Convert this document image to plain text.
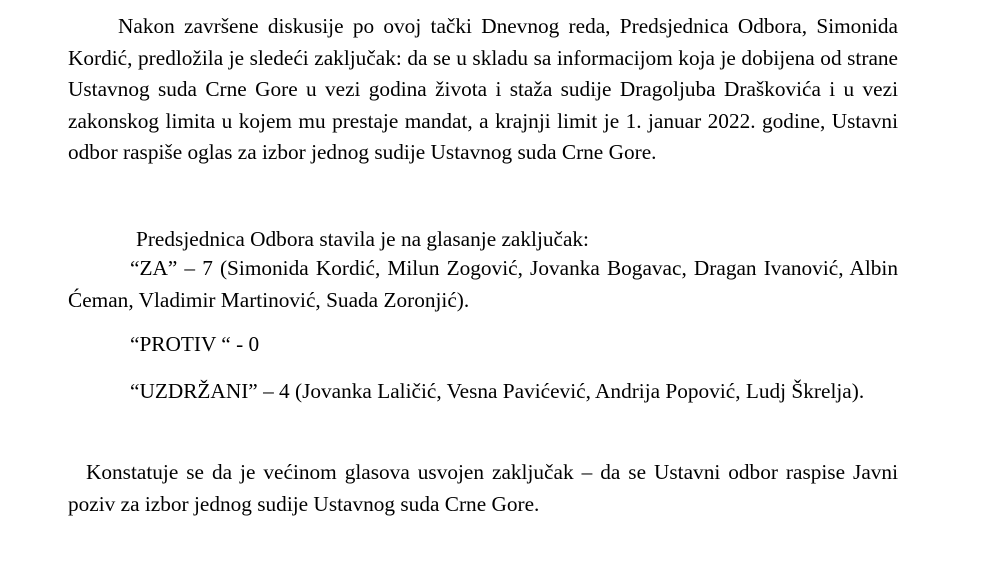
Nakon završene diskusije po ovoj tački Dnevnog reda, Predsjednica Odbora, Simonida Kordić, predložila je sledeći zaključak: da se u skladu sa informacijom koja je dobijena od strane Ustavnog suda Crne Gore u vezi godina života i staža sudije Dragoljuba Draškovića i u vezi zakonskog limita u kojem mu prestaje mandat, a krajnji limit je 1. januar 2022. godine, Ustavni odbor raspiše oglas za izbor jednog sudije Ustavnog suda Crne Gore.

Predsjednica Odbora stavila je na glasanje zaključak:

“ZA” – 7 (Simonida Kordić, Milun Zogović, Jovanka Bogavac, Dragan Ivanović, Albin Ćeman, Vladimir Martinović, Suada Zoronjić).

“PROTIV “ - 0

“UZDRŽANI” – 4 (Jovanka Laličić, Vesna Pavićević, Andrija Popović, Ludj Škrelja).

Konstatuje se da je većinom glasova usvojen zaključak – da se Ustavni odbor raspise Javni poziv za izbor jednog sudije Ustavnog suda Crne Gore.
